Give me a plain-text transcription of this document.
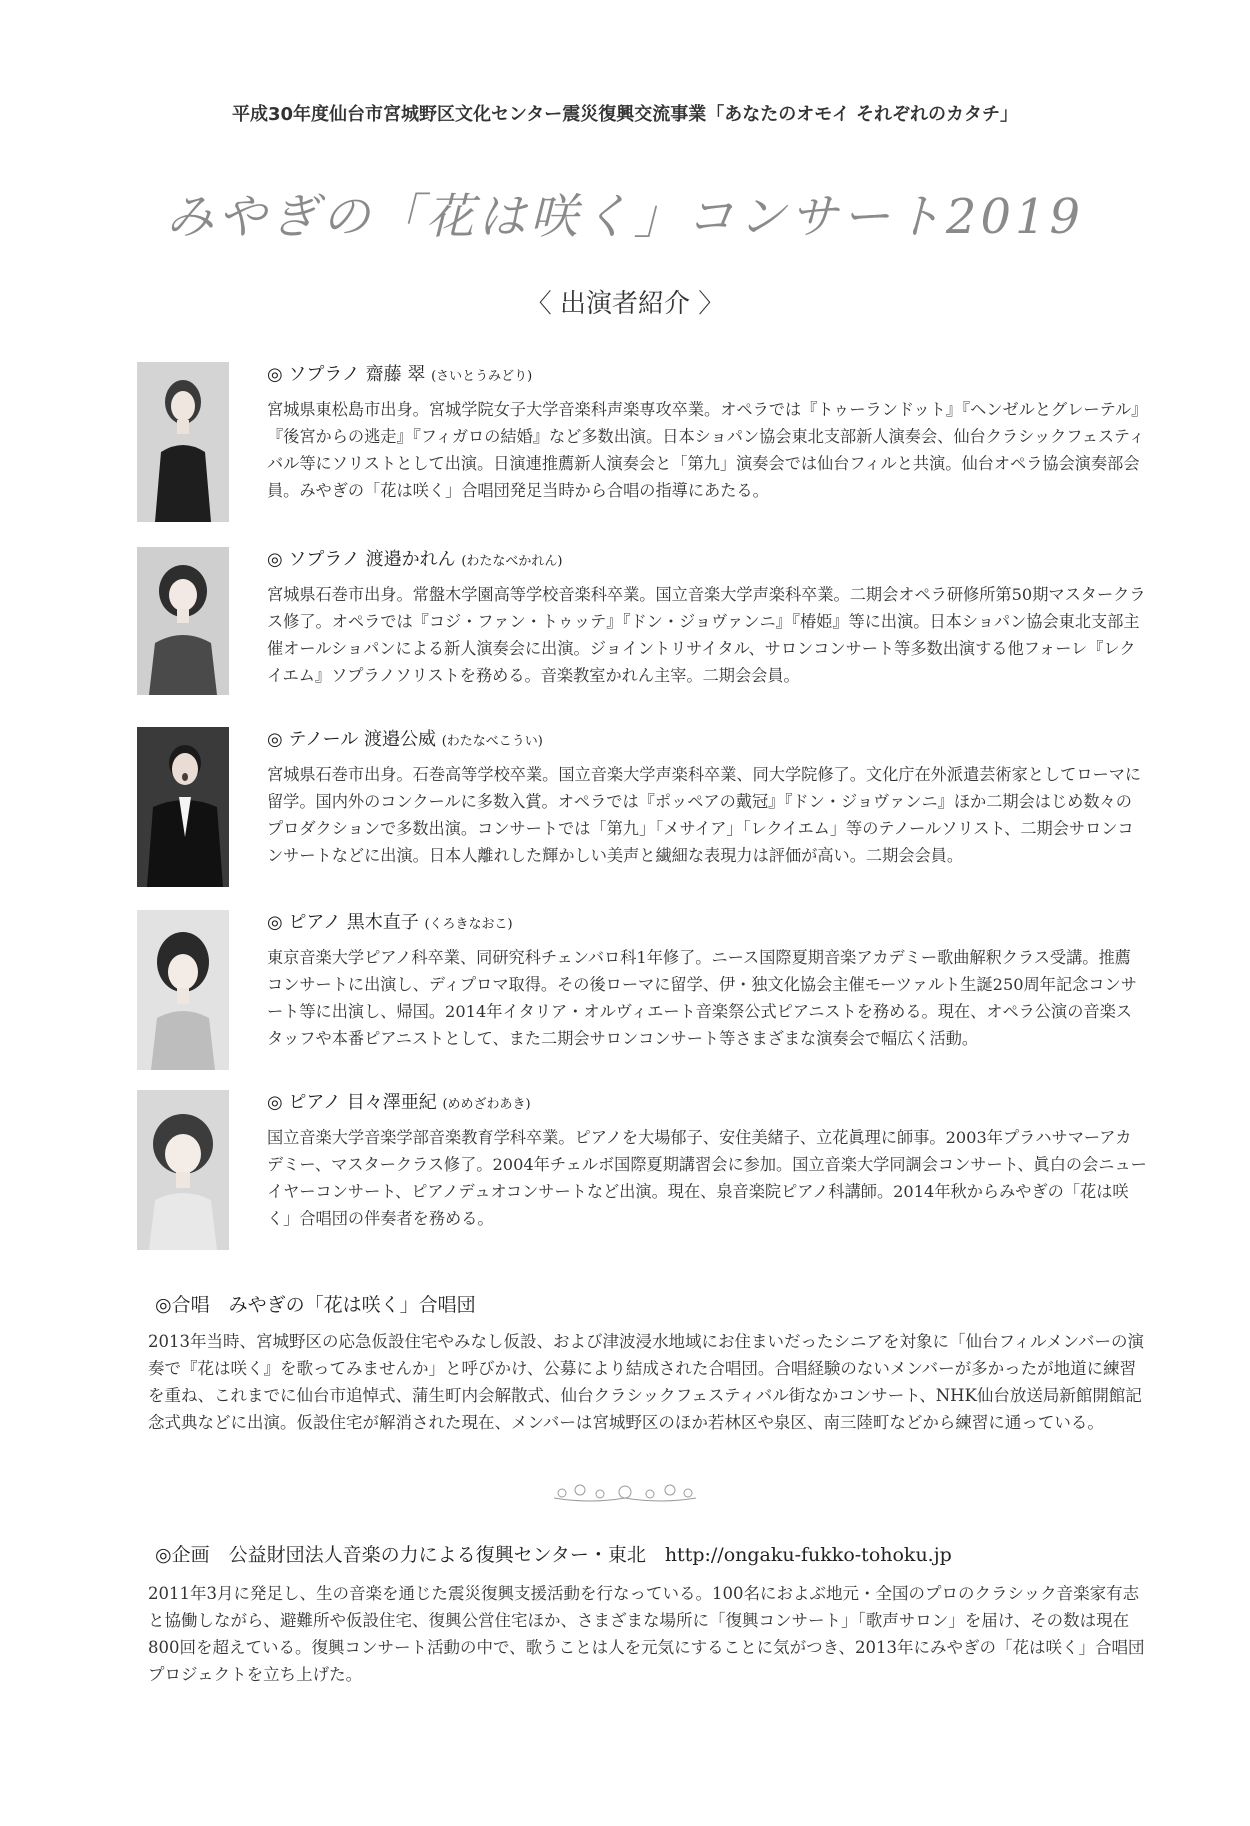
平成30年度仙台市宮城野区文化センター震災復興交流事業「あなたのオモイ それぞれのカタチ」
みやぎの「花は咲く」コンサート2019
〈 出演者紹介 〉

◎ ソプラノ 齋藤 翠 (さいとうみどり)

宮城県東松島市出身。宮城学院女子大学音楽科声楽専攻卒業。オペラでは『トゥーランドット』『ヘンゼルとグレーテル』『後宮からの逃走』『フィガロの結婚』など多数出演。日本ショパン協会東北支部新人演奏会、仙台クラシックフェスティバル等にソリストとして出演。日演連推薦新人演奏会と「第九」演奏会では仙台フィルと共演。仙台オペラ協会演奏部会員。みやぎの「花は咲く」合唱団発足当時から合唱の指導にあたる。

◎ ソプラノ 渡邉かれん (わたなべかれん)

宮城県石巻市出身。常盤木学園高等学校音楽科卒業。国立音楽大学声楽科卒業。二期会オペラ研修所第50期マスタークラス修了。オペラでは『コジ・ファン・トゥッテ』『ドン・ジョヴァンニ』『椿姫』等に出演。日本ショパン協会東北支部主催オールショパンによる新人演奏会に出演。ジョイントリサイタル、サロンコンサート等多数出演する他フォーレ『レクイエム』ソプラノソリストを務める。音楽教室かれん主宰。二期会会員。

◎ テノール 渡邉公威 (わたなべこうい)

宮城県石巻市出身。石巻高等学校卒業。国立音楽大学声楽科卒業、同大学院修了。文化庁在外派遣芸術家としてローマに留学。国内外のコンクールに多数入賞。オペラでは『ポッペアの戴冠』『ドン・ジョヴァンニ』ほか二期会はじめ数々のプロダクションで多数出演。コンサートでは「第九」「メサイア」「レクイエム」等のテノールソリスト、二期会サロンコンサートなどに出演。日本人離れした輝かしい美声と繊細な表現力は評価が高い。二期会会員。

◎ ピアノ 黒木直子 (くろきなおこ)

東京音楽大学ピアノ科卒業、同研究科チェンバロ科1年修了。ニース国際夏期音楽アカデミー歌曲解釈クラス受講。推薦コンサートに出演し、ディプロマ取得。その後ローマに留学、伊・独文化協会主催モーツァルト生誕250周年記念コンサート等に出演し、帰国。2014年イタリア・オルヴィエート音楽祭公式ピアニストを務める。現在、オペラ公演の音楽スタッフや本番ピアニストとして、また二期会サロンコンサート等さまざまな演奏会で幅広く活動。

◎ ピアノ 目々澤亜紀 (めめざわあき)

国立音楽大学音楽学部音楽教育学科卒業。ピアノを大場郁子、安住美緒子、立花眞理に師事。2003年プラハサマーアカデミー、マスタークラス修了。2004年チェルボ国際夏期講習会に参加。国立音楽大学同調会コンサート、眞白の会ニューイヤーコンサート、ピアノデュオコンサートなど出演。現在、泉音楽院ピアノ科講師。2014年秋からみやぎの「花は咲く」合唱団の伴奏者を務める。

◎合唱　みやぎの「花は咲く」合唱団

2013年当時、宮城野区の応急仮設住宅やみなし仮設、および津波浸水地域にお住まいだったシニアを対象に「仙台フィルメンバーの演奏で『花は咲く』を歌ってみませんか」と呼びかけ、公募により結成された合唱団。合唱経験のないメンバーが多かったが地道に練習を重ね、これまでに仙台市追悼式、蒲生町内会解散式、仙台クラシックフェスティバル街なかコンサート、NHK仙台放送局新館開館記念式典などに出演。仮設住宅が解消された現在、メンバーは宮城野区のほか若林区や泉区、南三陸町などから練習に通っている。

◎企画　公益財団法人音楽の力による復興センター・東北　http://ongaku-fukko-tohoku.jp

2011年3月に発足し、生の音楽を通じた震災復興支援活動を行なっている。100名におよぶ地元・全国のプロのクラシック音楽家有志と協働しながら、避難所や仮設住宅、復興公営住宅ほか、さまざまな場所に「復興コンサート」「歌声サロン」を届け、その数は現在800回を超えている。復興コンサート活動の中で、歌うことは人を元気にすることに気がつき、2013年にみやぎの「花は咲く」合唱団プロジェクトを立ち上げた。
